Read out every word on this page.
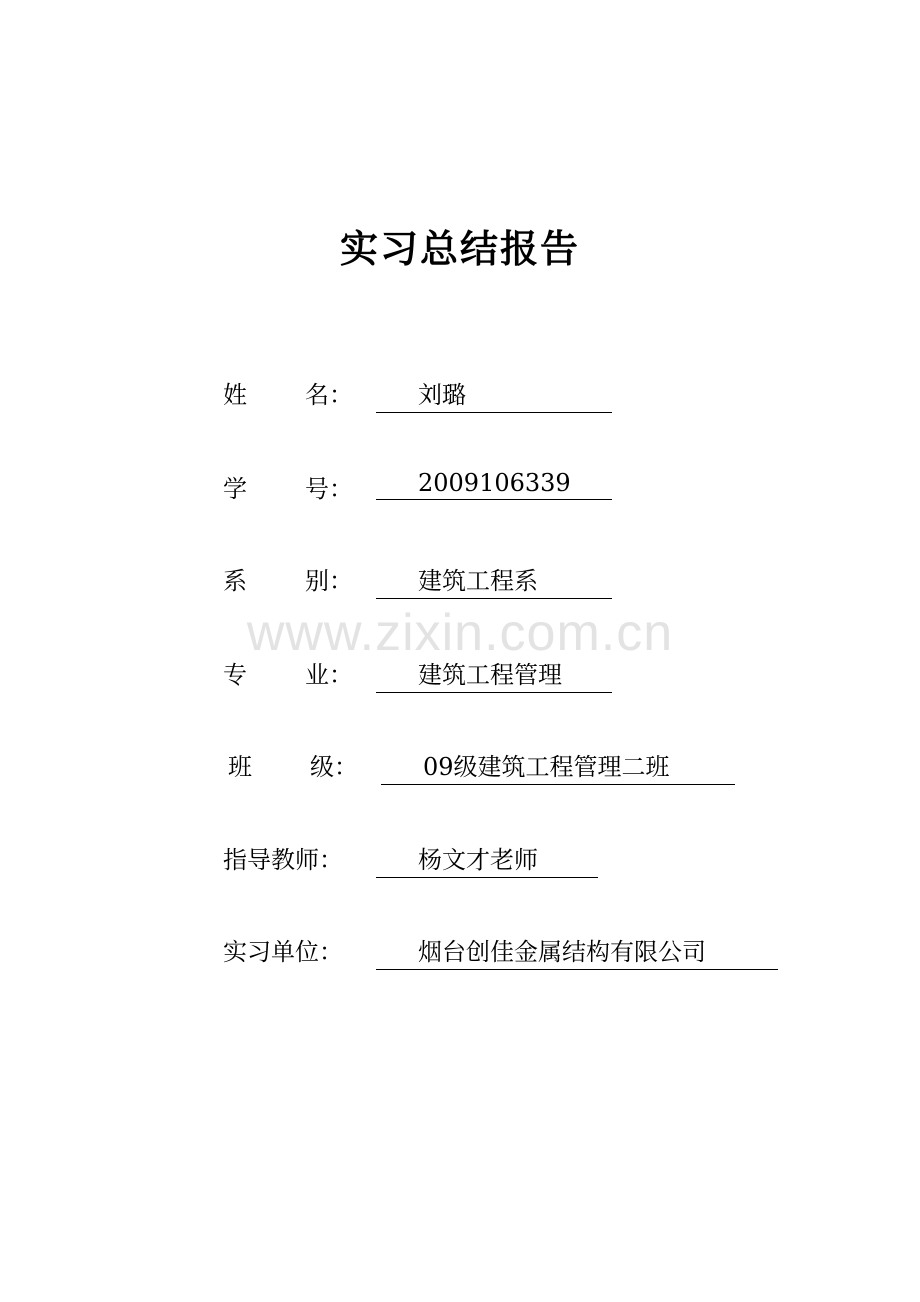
实习总结报告
www.zixin.com.cn
姓 名：	刘璐
学 号：	2009106339
系 别：	建筑工程系
专 业：	建筑工程管理
班 级：	09级建筑工程管理二班
指导教师：	杨文才老师
实习单位：	烟台创佳金属结构有限公司
